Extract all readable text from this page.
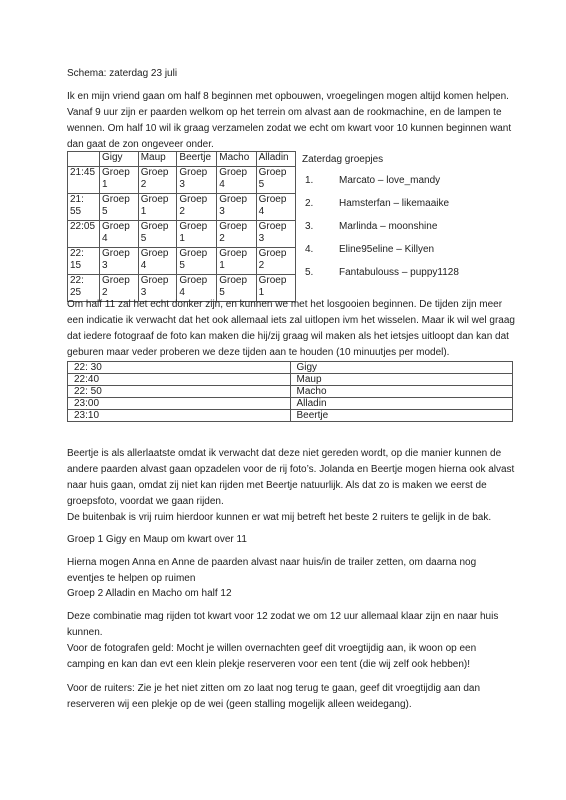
Schema: zaterdag 23 juli

Ik en mijn vriend gaan om half 8 beginnen met opbouwen, vroegelingen mogen altijd komen helpen. Vanaf 9 uur zijn er paarden welkom op het terrein om alvast aan de rookmachine, en de lampen te wennen. Om half 10 wil ik graag verzamelen zodat we echt om kwart voor 10 kunnen beginnen want dan gaat de zon ongeveer onder.

	Gigy	Maup	Beertje	Macho	Alladin
21:45	Groep 1	Groep 2	Groep 3	Groep 4	Groep 5
21: 55	Groep 5	Groep 1	Groep 2	Groep 3	Groep 4
22:05	Groep 4	Groep 5	Groep 1	Groep 2	Groep 3
22: 15	Groep 3	Groep 4	Groep 5	Groep 1	Groep 2
22: 25	Groep 2	Groep 3	Groep 4	Groep 5	Groep 1

Zaterdag groepjes

1.	Marcato – love_mandy
2.	Hamsterfan – likemaaike
3.	Marlinda – moonshine
4.	Eline95eline – Killyen
5.	Fantabulouss – puppy1128

Om half 11 zal het echt donker zijn, en kunnen we met het losgooien beginnen. De tijden zijn meer een indicatie ik verwacht dat het ook allemaal iets zal uitlopen ivm het wisselen. Maar ik wil wel graag dat iedere fotograaf de foto kan maken die hij/zij graag wil maken als het ietsjes uitloopt dan kan dat geburen maar veder proberen we deze tijden aan te houden (10 minuutjes per model).

22: 30	Gigy
22:40	Maup
22: 50	Macho
23:00	Alladin
23:10	Beertje

Beertje is als allerlaatste omdat ik verwacht dat deze niet gereden wordt, op die manier kunnen de andere paarden alvast gaan opzadelen voor de rij foto’s. Jolanda en Beertje mogen hierna ook alvast naar huis gaan, omdat zij niet kan rijden met Beertje natuurlijk. Als dat zo is maken we eerst de groepsfoto, voordat we gaan rijden.

De buitenbak is vrij ruim hierdoor kunnen er wat mij betreft het beste 2 ruiters te gelijk in de bak.

Groep 1 Gigy en Maup om kwart over 11

Hierna mogen Anna en Anne de paarden alvast naar huis/in de trailer zetten, om daarna nog eventjes te helpen op ruimen

Groep 2 Alladin en Macho om half 12

Deze combinatie mag rijden tot kwart voor 12 zodat we om 12 uur allemaal klaar zijn en naar huis kunnen.

Voor de fotografen geld: Mocht je willen overnachten geef dit vroegtijdig aan, ik woon op een camping en kan dan evt een klein plekje reserveren voor een tent (die wij zelf ook hebben)!

Voor de ruiters: Zie je het niet zitten om zo laat nog terug te gaan, geef dit vroegtijdig aan dan reserveren wij een plekje op de wei (geen stalling mogelijk alleen weidegang).
